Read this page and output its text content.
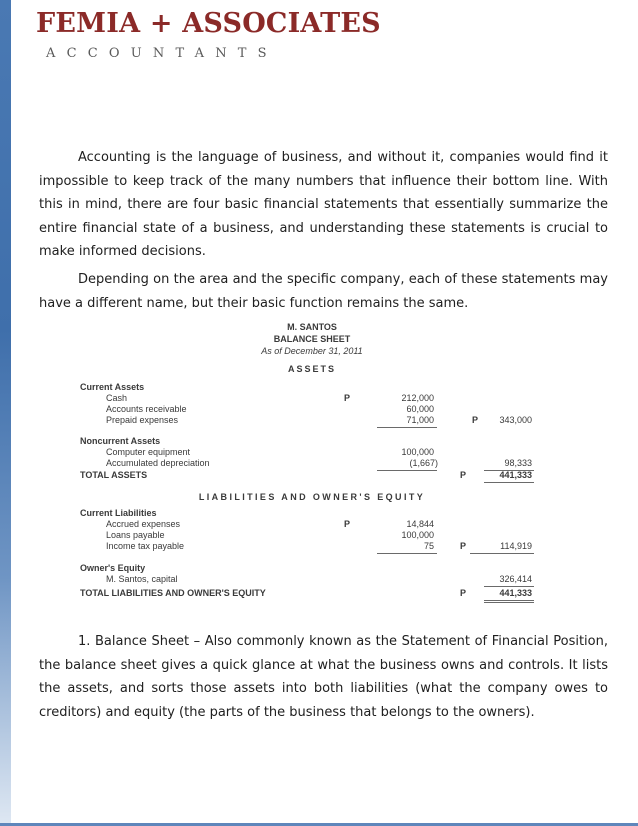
FEMIA + ASSOCIATES
ACCOUNTANTS

Accounting is the language of business, and without it, companies would find it impossible to keep track of the many numbers that influence their bottom line. With this in mind, there are four basic financial statements that essentially summarize the entire financial state of a business, and understanding these statements is crucial to make informed decisions.

Depending on the area and the specific company, each of these statements may have a different name, but their basic function remains the same.

M. SANTOS
BALANCE SHEET
As of December 31, 2011
ASSETS
Current Assets
Cash	P	212,000
Accounts receivable	60,000
Prepaid expenses	71,000	P	343,000
Noncurrent Assets
Computer equipment	100,000
Accumulated depreciation	(1,667)	98,333
TOTAL ASSETS	P	441,333
LIABILITIES AND OWNER'S EQUITY
Current Liabilities
Accrued expenses	P	14,844
Loans payable	100,000
Income tax payable	75	P	114,919
Owner's Equity
M. Santos, capital	326,414
TOTAL LIABILITIES AND OWNER'S EQUITY	P	441,333

1. Balance Sheet – Also commonly known as the Statement of Financial Position, the balance sheet gives a quick glance at what the business owns and controls. It lists the assets, and sorts those assets into both liabilities (what the company owes to creditors) and equity (the parts of the business that belongs to the owners).
